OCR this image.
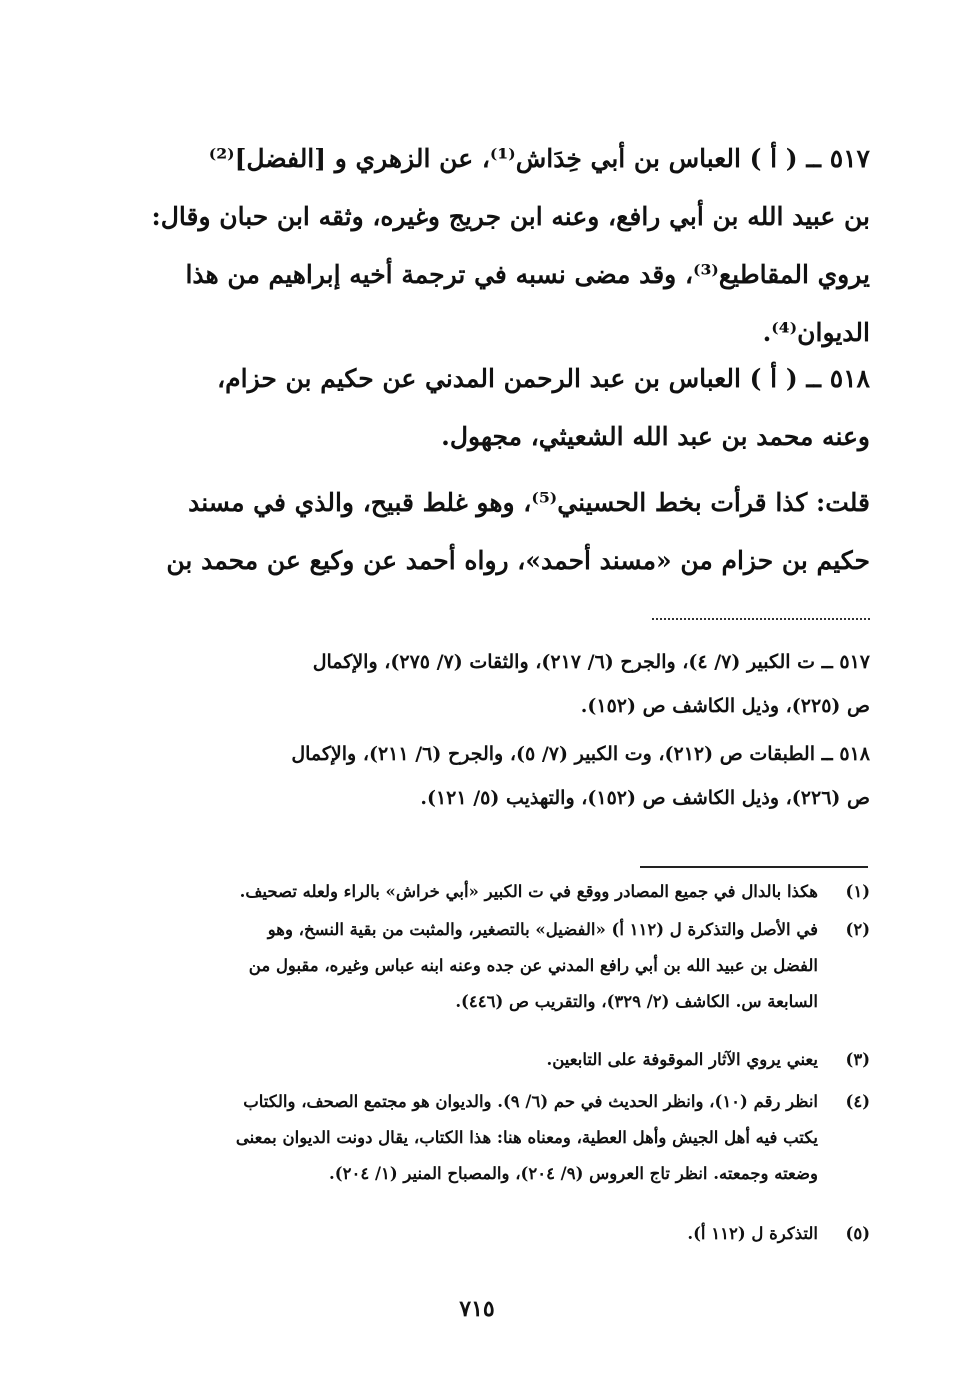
٥١٧ ــ ( أ ) العباس بن أبي خِدَاش⁽¹⁾، عن الزهري و [الفضل]⁽²⁾
بن عبيد الله بن أبي رافع، وعنه ابن جريج وغيره، وثقه ابن حبان وقال:
يروي المقاطيع⁽³⁾، وقد مضى نسبه في ترجمة أخيه إبراهيم من هذا
الديوان⁽⁴⁾.
٥١٨ ــ ( أ ) العباس بن عبد الرحمن المدني عن حكيم بن حزام،
وعنه محمد بن عبد الله الشعيثي، مجهول.
قلت: كذا قرأت بخط الحسيني⁽⁵⁾، وهو غلط قبيح، والذي في مسند
حكيم بن حزام من «مسند أحمد»، رواه أحمد عن وكيع عن محمد بن
٥١٧ ــ ت الكبير (٧/ ٤)، والجرح (٦/ ٢١٧)، والثقات (٧/ ٢٧٥)، والإكمال
ص (٢٢٥)، وذيل الكاشف ص (١٥٢).
٥١٨ ــ الطبقات ص (٢١٢)، وت الكبير (٧/ ٥)، والجرح (٦/ ٢١١)، والإكمال
ص (٢٢٦)، وذيل الكاشف ص (١٥٢)، والتهذيب (٥/ ١٢١).
(١)
هكذا بالدال في جميع المصادر ووقع في ت الكبير «أبي خراش» بالراء ولعله تصحيف.
(٢)
في الأصل والتذكرة ل (١١٢ أ) «الفضيل» بالتصغير، والمثبت من بقية النسخ، وهو
الفضل بن عبيد الله بن أبي رافع المدني عن جده وعنه ابنه عباس وغيره، مقبول من
السابعة س. الكاشف (٢/ ٣٢٩)، والتقريب ص (٤٤٦).
(٣)
يعني يروي الآثار الموقوفة على التابعين.
(٤)
انظر رقم (١٠)، وانظر الحديث في حم (٦/ ٩). والديوان هو مجتمع الصحف، والكتاب
يكتب فيه أهل الجيش وأهل العطية، ومعناه هنا: هذا الكتاب، يقال دونت الديوان بمعنى
وضعته وجمعته. انظر تاج العروس (٩/ ٢٠٤)، والمصباح المنير (١/ ٢٠٤).
(٥)
التذكرة ل (١١٢ أ).
٧١٥
